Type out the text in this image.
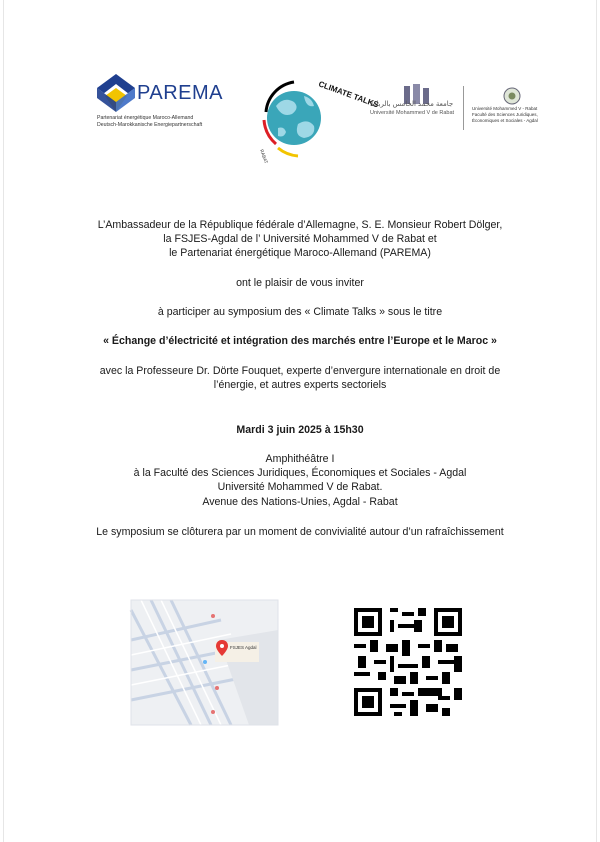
PAREMA
Partenariat énergétique Maroco-Allemand
Deutsch-Marokkanische Energiepartnerschaft
CLIMATE TALKS
RABAT
جامعة محمد الخامس بالرباط
Université Mohammed V de Rabat
Université Mohammed V - Rabat
Faculté des Sciences Juridiques,
Économiques et Sociales - Agdal
L’Ambassadeur de la République fédérale d’Allemagne, S. E. Monsieur Robert Dölger,
la FSJES-Agdal de l’ Université Mohammed V de Rabat et
le Partenariat énergétique Maroco-Allemand (PAREMA)
ont le plaisir de vous inviter
à participer au symposium des « Climate Talks » sous le titre
« Échange d’électricité et intégration des marchés entre l’Europe et le Maroc »
avec la Professeure Dr. Dörte Fouquet, experte d’envergure internationale en droit de
l’énergie, et autres experts sectoriels
Mardi 3 juin 2025 à 15h30
Amphithéâtre I
à la Faculté des Sciences Juridiques, Économiques et Sociales - Agdal
Université Mohammed V de Rabat.
Avenue des Nations-Unies, Agdal - Rabat
Le symposium se clôturera par un moment de convivialité autour d’un rafraîchissement
FSJES Agdal
